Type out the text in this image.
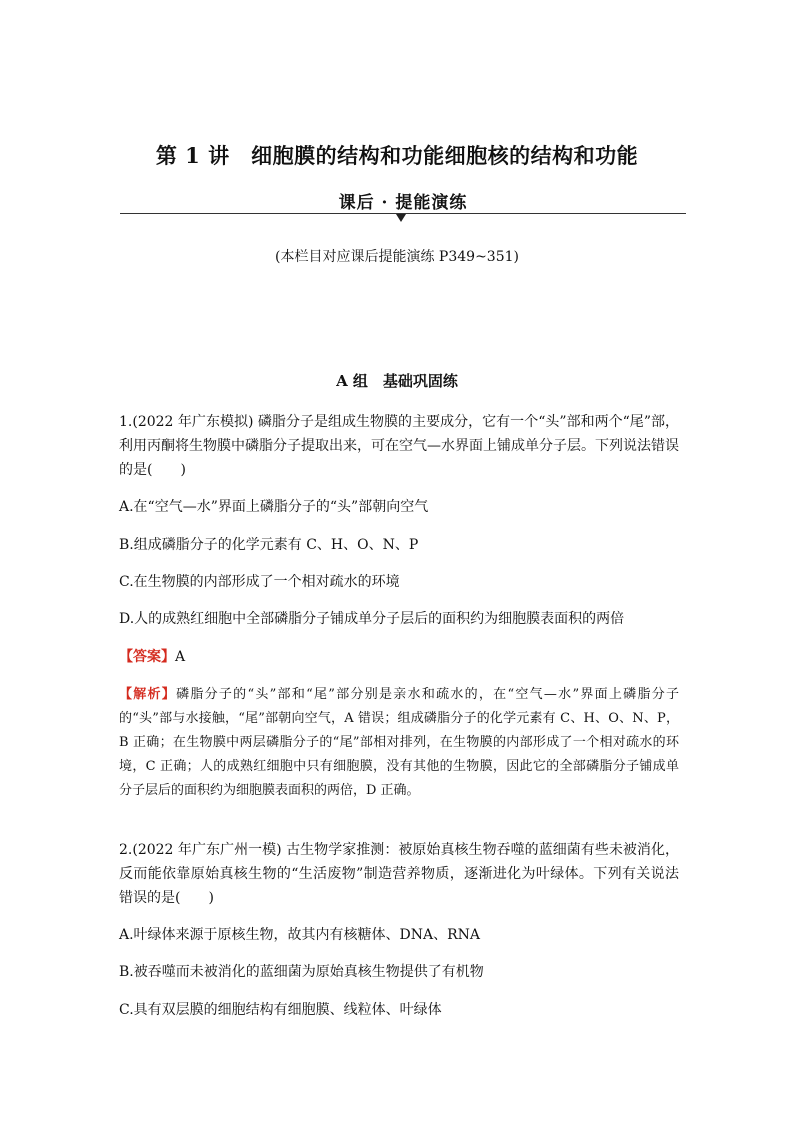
第 1 讲　细胞膜的结构和功能细胞核的结构和功能
课后 · 提能演练
(本栏目对应课后提能演练 P349~351)
A 组　基础巩固练
1.(2022 年广东模拟) 磷脂分子是组成生物膜的主要成分，它有一个“头”部和两个“尾”部，利用丙酮将生物膜中磷脂分子提取出来，可在空气—水界面上铺成单分子层。下列说法错误的是(　　)
A.在“空气—水”界面上磷脂分子的“头”部朝向空气
B.组成磷脂分子的化学元素有 C、H、O、N、P
C.在生物膜的内部形成了一个相对疏水的环境
D.人的成熟红细胞中全部磷脂分子铺成单分子层后的面积约为细胞膜表面积的两倍
【答案】A
【解析】磷脂分子的“头”部和“尾”部分别是亲水和疏水的，在“空气—水”界面上磷脂分子的“头”部与水接触，“尾”部朝向空气，A 错误；组成磷脂分子的化学元素有 C、H、O、N、P，B 正确；在生物膜中两层磷脂分子的“尾”部相对排列，在生物膜的内部形成了一个相对疏水的环境，C 正确；人的成熟红细胞中只有细胞膜，没有其他的生物膜，因此它的全部磷脂分子铺成单分子层后的面积约为细胞膜表面积的两倍，D 正确。
2.(2022 年广东广州一模) 古生物学家推测：被原始真核生物吞噬的蓝细菌有些未被消化，反而能依靠原始真核生物的“生活废物”制造营养物质，逐渐进化为叶绿体。下列有关说法错误的是(　　)
A.叶绿体来源于原核生物，故其内有核糖体、DNA、RNA
B.被吞噬而未被消化的蓝细菌为原始真核生物提供了有机物
C.具有双层膜的细胞结构有细胞膜、线粒体、叶绿体
